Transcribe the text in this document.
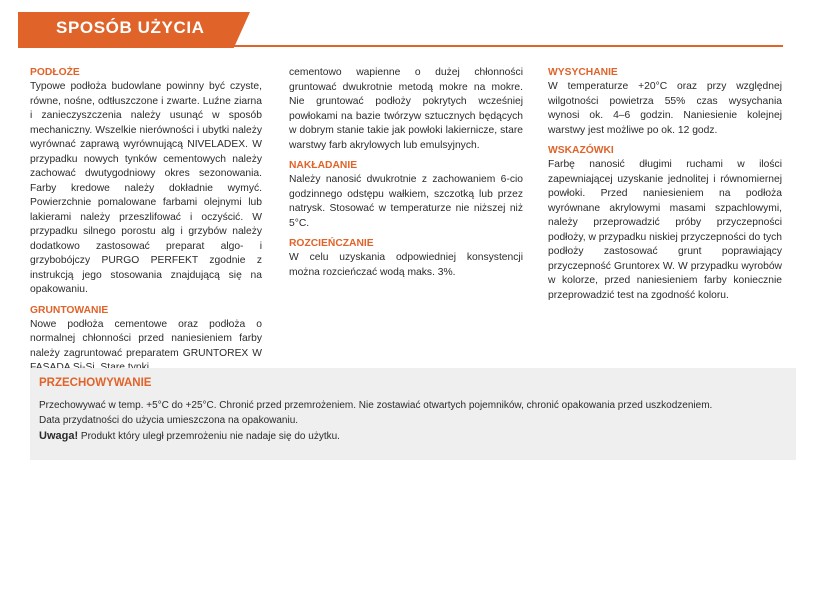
SPOSÓB UŻYCIA

PODŁOŻE

Typowe podłoża budowlane powinny być czyste, równe, nośne, odtłuszczone i zwarte. Luźne ziarna i zanieczyszczenia należy usunąć w sposób mechaniczny. Wszelkie nierówności i ubytki należy wyrównać zaprawą wyrównującą NIVELADEX. W przypadku nowych tynków cementowych należy zachować dwutygodniowy okres sezonowania. Farby kredowe należy dokładnie wymyć. Powierzchnie pomalowane farbami olejnymi lub lakierami należy przeszlifować i oczyścić. W przypadku silnego porostu alg i grzybów należy dodatkowo zastosować preparat algo- i grzybobójczy PURGO PERFEKT zgodnie z instrukcją jego stosowania znajdującą się na opakowaniu.

GRUNTOWANIE

Nowe podłoża cementowe oraz podłoża o normalnej chłonności przed naniesieniem farby należy zagruntować preparatem GRUNTOREX W

cementowo wapienne o dużej chłonności gruntować dwukrotnie metodą mokre na mokre. Nie gruntować podłoży pokrytych wcześniej powłokami na bazie twórzyw sztucznych będących w dobrym stanie takie jak powłoki lakiernicze, stare warstwy farb akrylowych lub emulsyjnych.

NAKŁADANIE

Należy nanosić dwukrotnie z zachowaniem 6-cio godzinnego odstępu wałkiem, szczotką lub przez natrysk. Stosować w temperaturze nie niższej niż 5°C.

ROZCIEŃCZANIE

W celu uzyskania odpowiedniej konsystencji można rozcieńczać wodą maks. 3%.

WYSYCHANIE

W temperaturze +20°C oraz przy względnej wilgotności powietrza 55% czas wysychania wynosi ok. 4–6 godzin. Naniesienie kolejnej warstwy jest możliwe po ok. 12 godz.

WSKAZÓWKI

Farbę nanosić długimi ruchami w ilości zapewniającej uzyskanie jednolitej i równomiernej powłoki. Przed naniesieniem na podłoża wyrównane akrylowymi masami szpachlowymi, należy przeprowadzić próby przyczepności podłoży, w przypadku niskiej przyczepności do tych podłoży zastosować grunt poprawiający przyczepność Gruntorex W. W przypadku wyrobów w kolorze, przed naniesieniem farby koniecznie przeprowadzić test na zgodność koloru.

PRZECHOWYWANIE
Przechowywać w temp. +5°C do +25°C. Chronić przed przemrożeniem. Nie zostawiać otwartych pojemników, chronić opakowania przed uszkodzeniem.
Data przydatności do użycia umieszczona na opakowaniu.
Uwaga! Produkt który uległ przemrożeniu nie nadaje się do użytku.
